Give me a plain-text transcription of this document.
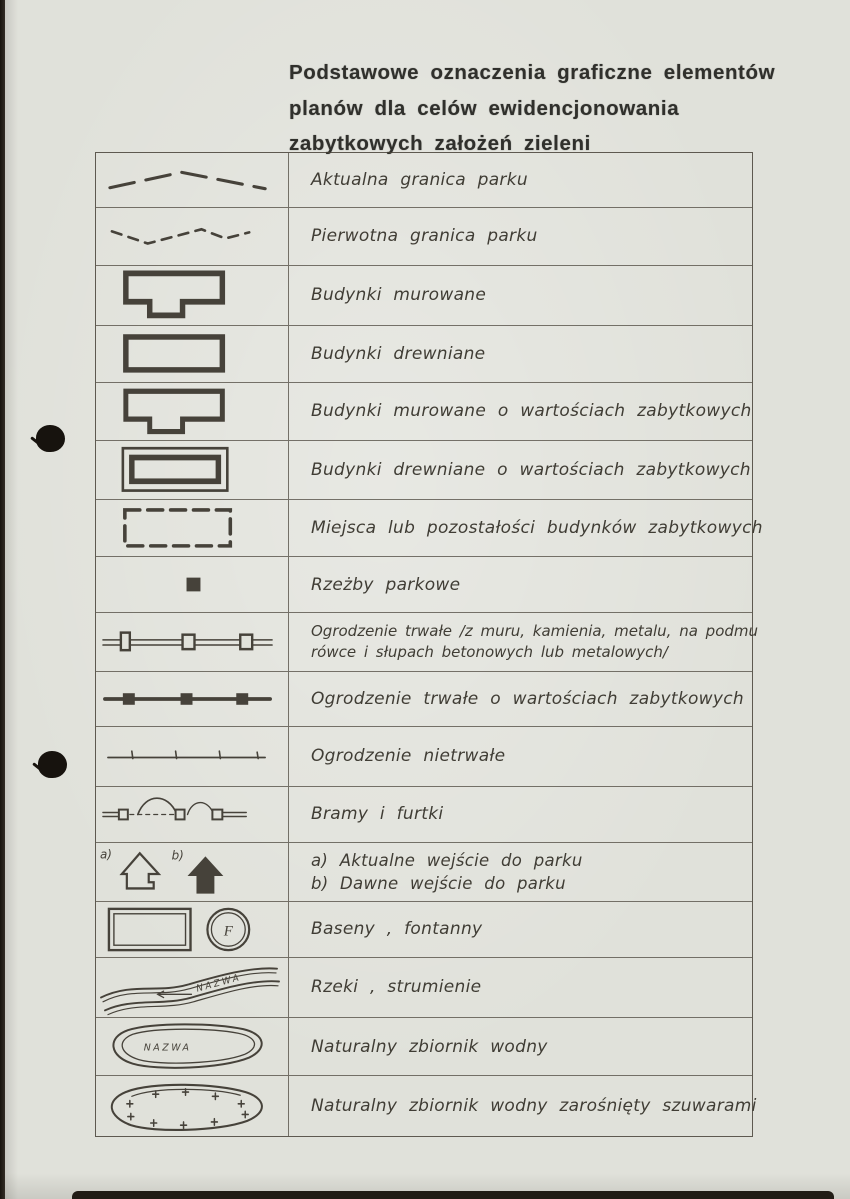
Podstawowe oznaczenia graficzne elementów
planów dla celów ewidencjonowania
zabytkowych założeń zieleni
Aktualna granica parku
Pierwotna granica parku
Budynki murowane
Budynki drewniane
Budynki murowane o wartościach zabytkowych
Budynki drewniane o wartościach zabytkowych
Miejsca lub pozostałości budynków zabytkowych
Rzeżby parkowe
Ogrodzenie trwałe /z muru, kamienia, metalu, na podmu
rówce i słupach betonowych lub metalowych/
Ogrodzenie trwałe o wartościach zabytkowych
Ogrodzenie nietrwałe
Bramy i furtki
a)	b)	a) Aktualne wejście do parku
b) Dawne wejście do parku
F	Baseny , fontanny
NAZWA	Rzeki , strumienie
NAZWA	Naturalny zbiornik wodny
Naturalny zbiornik wodny zarośnięty szuwarami
